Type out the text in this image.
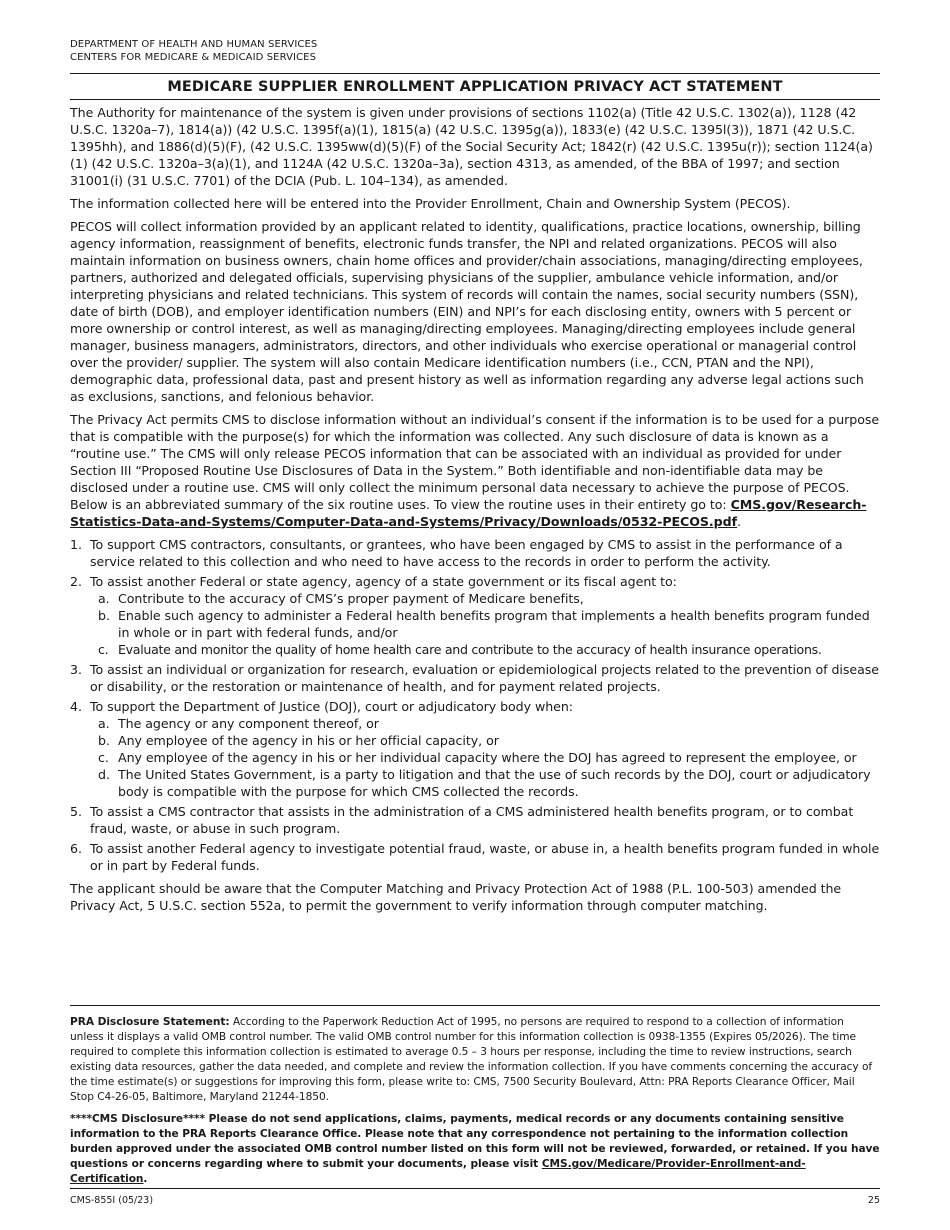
DEPARTMENT OF HEALTH AND HUMAN SERVICES
CENTERS FOR MEDICARE & MEDICAID SERVICES
MEDICARE SUPPLIER ENROLLMENT APPLICATION PRIVACY ACT STATEMENT

The Authority for maintenance of the system is given under provisions of sections 1102(a) (Title 42 U.S.C. 1302(a)), 1128 (42 U.S.C. 1320a–7), 1814(a)) (42 U.S.C. 1395f(a)(1), 1815(a) (42 U.S.C. 1395g(a)), 1833(e) (42 U.S.C. 1395l(3)), 1871 (42 U.S.C. 1395hh), and 1886(d)(5)(F), (42 U.S.C. 1395ww(d)(5)(F) of the Social Security Act; 1842(r) (42 U.S.C. 1395u(r)); section 1124(a)(1) (42 U.S.C. 1320a–3(a)(1), and 1124A (42 U.S.C. 1320a–3a), section 4313, as amended, of the BBA of 1997; and section 31001(i) (31 U.S.C. 7701) of the DCIA (Pub. L. 104–134), as amended.

The information collected here will be entered into the Provider Enrollment, Chain and Ownership System (PECOS).

PECOS will collect information provided by an applicant related to identity, qualifications, practice locations, ownership, billing agency information, reassignment of benefits, electronic funds transfer, the NPI and related organizations. PECOS will also maintain information on business owners, chain home offices and provider/chain associations, managing/directing employees, partners, authorized and delegated officials, supervising physicians of the supplier, ambulance vehicle information, and/or interpreting physicians and related technicians. This system of records will contain the names, social security numbers (SSN), date of birth (DOB), and employer identification numbers (EIN) and NPI’s for each disclosing entity, owners with 5 percent or more ownership or control interest, as well as managing/directing employees. Managing/directing employees include general manager, business managers, administrators, directors, and other individuals who exercise operational or managerial control over the provider/ supplier. The system will also contain Medicare identification numbers (i.e., CCN, PTAN and the NPI), demographic data, professional data, past and present history as well as information regarding any adverse legal actions such as exclusions, sanctions, and felonious behavior.

The Privacy Act permits CMS to disclose information without an individual’s consent if the information is to be used for a purpose that is compatible with the purpose(s) for which the information was collected. Any such disclosure of data is known as a “routine use.” The CMS will only release PECOS information that can be associated with an individual as provided for under Section III “Proposed Routine Use Disclosures of Data in the System.” Both identifiable and non-identifiable data may be disclosed under a routine use. CMS will only collect the minimum personal data necessary to achieve the purpose of PECOS. Below is an abbreviated summary of the six routine uses. To view the routine uses in their entirety go to: CMS.gov/Research-Statistics-Data-and-Systems/Computer-Data-and-Systems/Privacy/Downloads/0532-PECOS.pdf.

1. To support CMS contractors, consultants, or grantees, who have been engaged by CMS to assist in the performance of a service related to this collection and who need to have access to the records in order to perform the activity.
2. To assist another Federal or state agency, agency of a state government or its fiscal agent to:
a. Contribute to the accuracy of CMS’s proper payment of Medicare benefits,
b. Enable such agency to administer a Federal health benefits program that implements a health benefits program funded in whole or in part with federal funds, and/or
c. Evaluate and monitor the quality of home health care and contribute to the accuracy of health insurance operations.
3. To assist an individual or organization for research, evaluation or epidemiological projects related to the prevention of disease or disability, or the restoration or maintenance of health, and for payment related projects.
4. To support the Department of Justice (DOJ), court or adjudicatory body when:
a. The agency or any component thereof, or
b. Any employee of the agency in his or her official capacity, or
c. Any employee of the agency in his or her individual capacity where the DOJ has agreed to represent the employee, or
d. The United States Government, is a party to litigation and that the use of such records by the DOJ, court or adjudicatory body is compatible with the purpose for which CMS collected the records.
5. To assist a CMS contractor that assists in the administration of a CMS administered health benefits program, or to combat fraud, waste, or abuse in such program.
6. To assist another Federal agency to investigate potential fraud, waste, or abuse in, a health benefits program funded in whole or in part by Federal funds.

The applicant should be aware that the Computer Matching and Privacy Protection Act of 1988 (P.L. 100-503) amended the Privacy Act, 5 U.S.C. section 552a, to permit the government to verify information through computer matching.

PRA Disclosure Statement: According to the Paperwork Reduction Act of 1995, no persons are required to respond to a collection of information unless it displays a valid OMB control number. The valid OMB control number for this information collection is 0938-1355 (Expires 05/2026). The time required to complete this information collection is estimated to average 0.5 – 3 hours per response, including the time to review instructions, search existing data resources, gather the data needed, and complete and review the information collection. If you have comments concerning the accuracy of the time estimate(s) or suggestions for improving this form, please write to: CMS, 7500 Security Boulevard, Attn: PRA Reports Clearance Officer, Mail Stop C4-26-05, Baltimore, Maryland 21244-1850.

****CMS Disclosure**** Please do not send applications, claims, payments, medical records or any documents containing sensitive information to the PRA Reports Clearance Office. Please note that any correspondence not pertaining to the information collection burden approved under the associated OMB control number listed on this form will not be reviewed, forwarded, or retained. If you have questions or concerns regarding where to submit your documents, please visit CMS.gov/Medicare/Provider-Enrollment-and-Certification.

CMS-855I (05/23)	25
